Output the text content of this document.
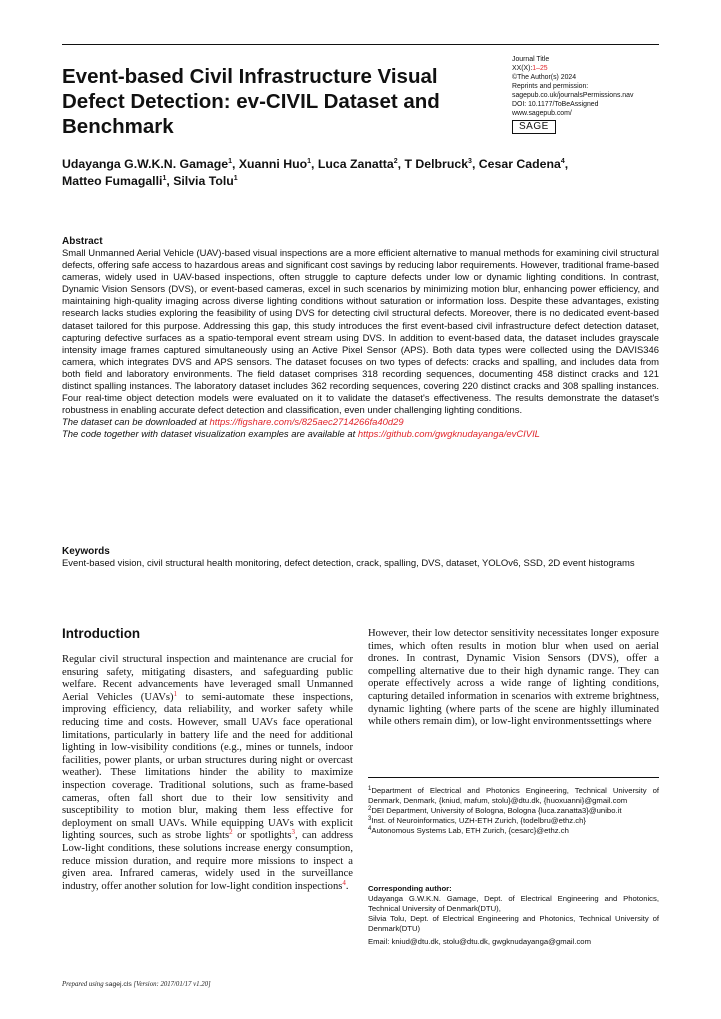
Event-based Civil Infrastructure Visual Defect Detection: ev-CIVIL Dataset and Benchmark
Journal Title
XX(X):1–25
©The Author(s) 2024
Reprints and permission:
sagepub.co.uk/journalsPermissions.nav
DOI: 10.1177/ToBeAssigned
www.sagepub.com/
SAGE
Udayanga G.W.K.N. Gamage$^1$, Xuanni Huo$^1$, Luca Zanatta$^2$, T Delbruck$^3$, Cesar Cadena$^4$,
Matteo Fumagalli$^1$, Silvia Tolu$^1$
Abstract

Small Unmanned Aerial Vehicle (UAV)-based visual inspections are a more efficient alternative to manual methods for examining civil structural defects, offering safe access to hazardous areas and significant cost savings by reducing labor requirements. However, traditional frame-based cameras, widely used in UAV-based inspections, often struggle to capture defects under low or dynamic lighting conditions. In contrast, Dynamic Vision Sensors (DVS), or event-based cameras, excel in such scenarios by minimizing motion blur, enhancing power efficiency, and maintaining high-quality imaging across diverse lighting conditions without saturation or information loss. Despite these advantages, existing research lacks studies exploring the feasibility of using DVS for detecting civil structural defects. Moreover, there is no dedicated event-based dataset tailored for this purpose. Addressing this gap, this study introduces the first event-based civil infrastructure defect detection dataset, capturing defective surfaces as a spatio-temporal event stream using DVS. In addition to event-based data, the dataset includes grayscale intensity image frames captured simultaneously using an Active Pixel Sensor (APS). Both data types were collected using the DAVIS346 camera, which integrates DVS and APS sensors. The dataset focuses on two types of defects: cracks and spalling, and includes data from both field and laboratory environments. The field dataset comprises 318 recording sequences, documenting 458 distinct cracks and 121 distinct spalling instances. The laboratory dataset includes 362 recording sequences, covering 220 distinct cracks and 308 spalling instances. Four real-time object detection models were evaluated on it to validate the dataset's effectiveness. The results demonstrate the dataset's robustness in enabling accurate defect detection and classification, even under challenging lighting conditions.

The dataset can be downloaded at https://figshare.com/s/825aec2714266fa40d29

The code together with dataset visualization examples are available at https://github.com/gwgknudayanga/evCIVIL

Keywords

Event-based vision, civil structural health monitoring, defect detection, crack, spalling, DVS, dataset, YOLOv6, SSD, 2D event histograms

Introduction

Regular civil structural inspection and maintenance are crucial for ensuring safety, mitigating disasters, and safeguarding public welfare. Recent advancements have leveraged small Unmanned Aerial Vehicles (UAVs)$^1$ to semi-automate these inspections, improving efficiency, data reliability, and worker safety while reducing time and costs. However, small UAVs face operational limitations, particularly in battery life and the need for additional lighting in low-visibility conditions (e.g., mines or tunnels, indoor facilities, power plants, or urban structures during night or overcast weather). These limitations hinder the ability to maximize inspection coverage. Traditional solutions, such as frame-based cameras, often fall short due to their low sensitivity and susceptibility to motion blur, making them less effective for deployment on small UAVs. While equipping UAVs with explicit lighting sources, such as strobe lights$^2$ or spotlights$^3$, can address Low-light conditions, these solutions increase energy consumption, reduce mission duration, and require more missions to inspect a given area. Infrared cameras, widely used in the surveillance industry, offer another solution for low-light condition inspections$^4$.

However, their low detector sensitivity necessitates longer exposure times, which often results in motion blur when used on aerial drones. In contrast, Dynamic Vision Sensors (DVS), offer a compelling alternative due to their high dynamic range. They can operate effectively across a wide range of lighting conditions, capturing detailed information in scenarios with extreme brightness, dynamic lighting (where parts of the scene are highly illuminated while others remain dim), or low-light environmentssettings where

$^1$Department of Electrical and Photonics Engineering, Technical University of Denmark, Denmark, {kniud, mafum, stolu}@dtu.dk, {huoxuanni}@gmail.com
$^2$DEI Department, University of Bologna, Bologna {luca.zanatta3}@unibo.it
$^3$Inst. of Neuroinformatics, UZH-ETH Zurich, {todelbru@ethz.ch}
$^4$Autonomous Systems Lab, ETH Zurich, {cesarc}@ethz.ch
Corresponding author:
Udayanga G.W.K.N. Gamage, Dept. of Electrical Engineering and Photonics, Technical University of Denmark(DTU),
Silvia Tolu, Dept. of Electrical Engineering and Photonics, Technical University of Denmark(DTU)
Email: kniud@dtu.dk, stolu@dtu.dk, gwgknudayanga@gmail.com
Prepared using sagej.cls [Version: 2017/01/17 v1.20]
